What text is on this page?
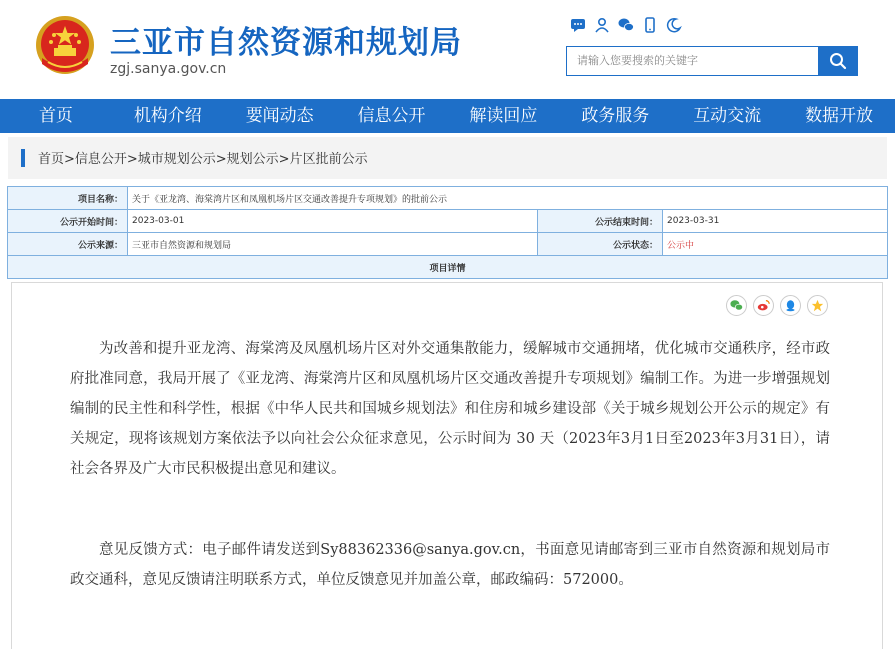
三亚市自然资源和规划局
zgj.sanya.gov.cn
请输入您要搜索的关键字
首页	机构介绍	要闻动态	信息公开	解读回应	政务服务	互动交流	数据开放
首页>信息公开>城市规划公示>规划公示>片区批前公示
项目名称：	关于《亚龙湾、海棠湾片区和凤凰机场片区交通改善提升专项规划》的批前公示		
公示开始时间：	2023-03-01	公示结束时间：	2023-03-31
公示来源：	三亚市自然资源和规划局	公示状态：	公示中
项目详情			
为改善和提升亚龙湾、海棠湾及凤凰机场片区对外交通集散能力，缓解城市交通拥堵，优化城市交通秩序，经市政府批准同意，我局开展了《亚龙湾、海棠湾片区和凤凰机场片区交通改善提升专项规划》编制工作。为进一步增强规划编制的民主性和科学性，根据《中华人民共和国城乡规划法》和住房和城乡建设部《关于城乡规划公开公示的规定》有关规定，现将该规划方案依法予以向社会公众征求意见，公示时间为 30 天（2023年3月1日至2023年3月31日），请社会各界及广大市民积极提出意见和建议。
意见反馈方式：电子邮件请发送到Sy88362336@sanya.gov.cn，书面意见请邮寄到三亚市自然资源和规划局市政交通科，意见反馈请注明联系方式，单位反馈意见并加盖公章，邮政编码：572000。
